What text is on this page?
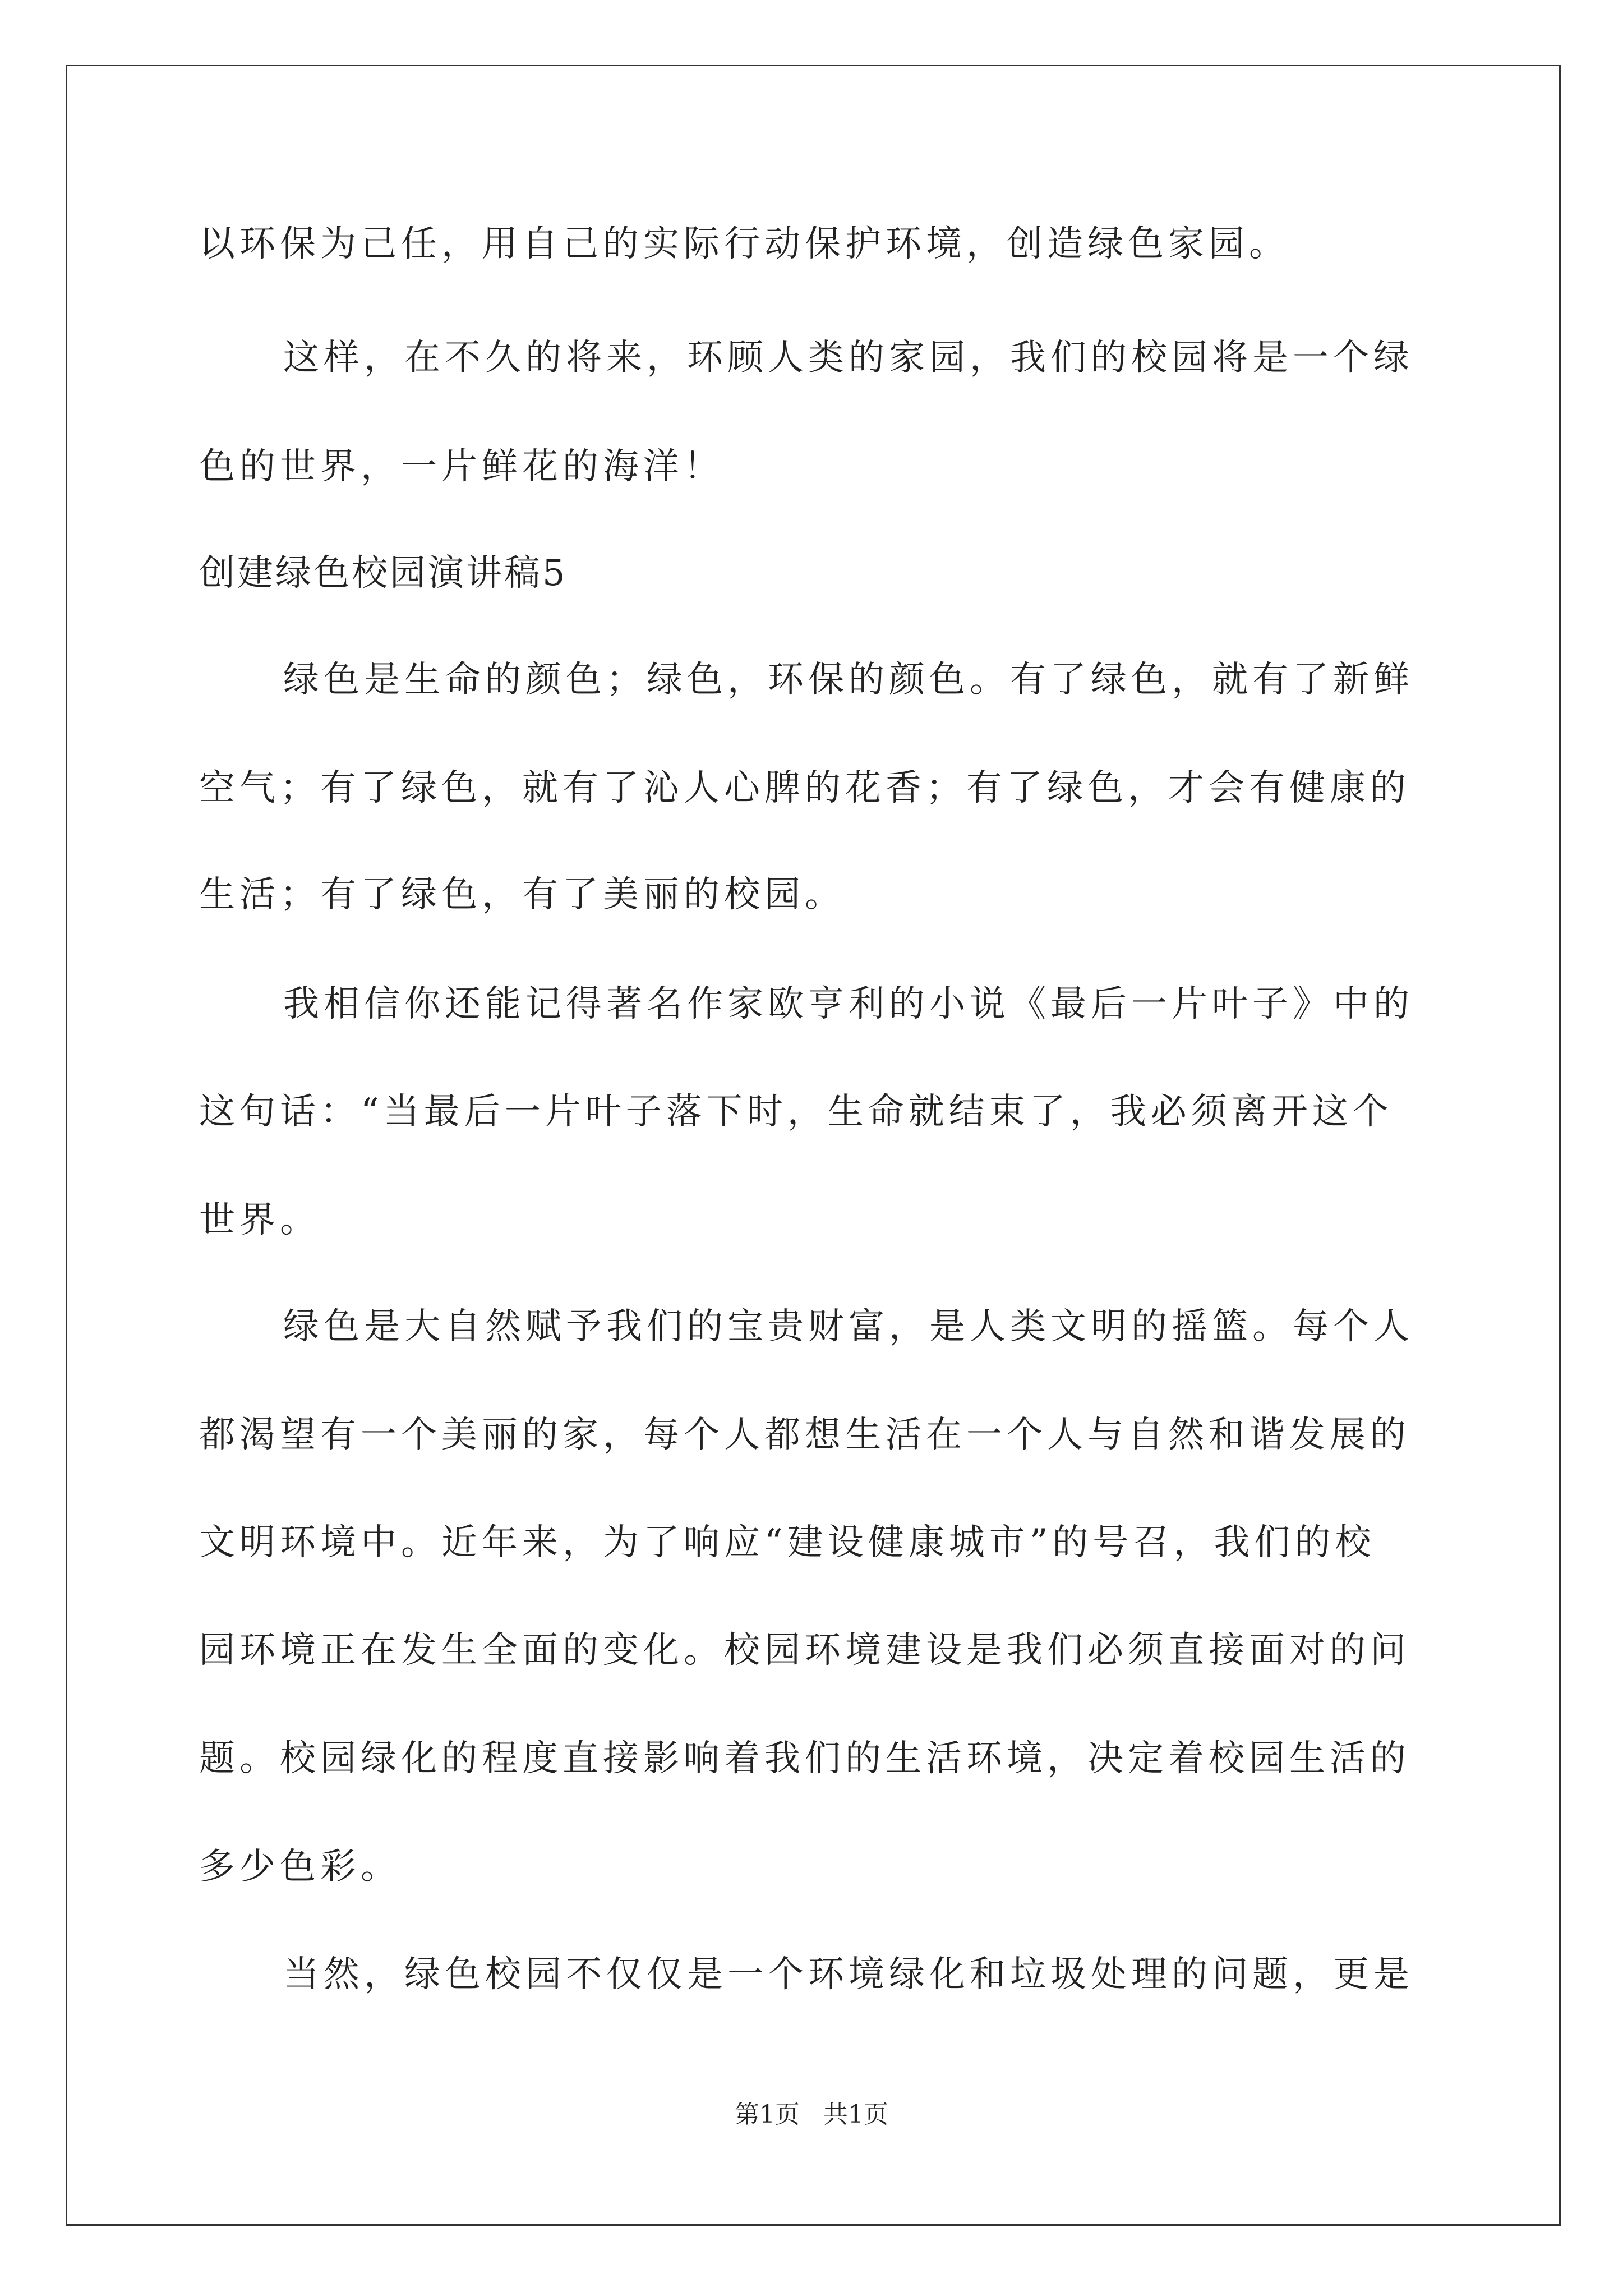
以环保为己任，用自己的实际行动保护环境，创造绿色家园。
这样，在不久的将来，环顾人类的家园，我们的校园将是一个绿
色的世界，一片鲜花的海洋！
创建绿色校园演讲稿5
绿色是生命的颜色；绿色，环保的颜色。有了绿色，就有了新鲜
空气；有了绿色，就有了沁人心脾的花香；有了绿色，才会有健康的
生活；有了绿色，有了美丽的校园。
我相信你还能记得著名作家欧亨利的小说《最后一片叶子》中的
这句话：“当最后一片叶子落下时，生命就结束了，我必须离开这个
世界。
绿色是大自然赋予我们的宝贵财富，是人类文明的摇篮。每个人
都渴望有一个美丽的家，每个人都想生活在一个人与自然和谐发展的
文明环境中。近年来，为了响应“建设健康城市”的号召，我们的校
园环境正在发生全面的变化。校园环境建设是我们必须直接面对的问
题。校园绿化的程度直接影响着我们的生活环境，决定着校园生活的
多少色彩。
当然，绿色校园不仅仅是一个环境绿化和垃圾处理的问题，更是
第1页 共1页
